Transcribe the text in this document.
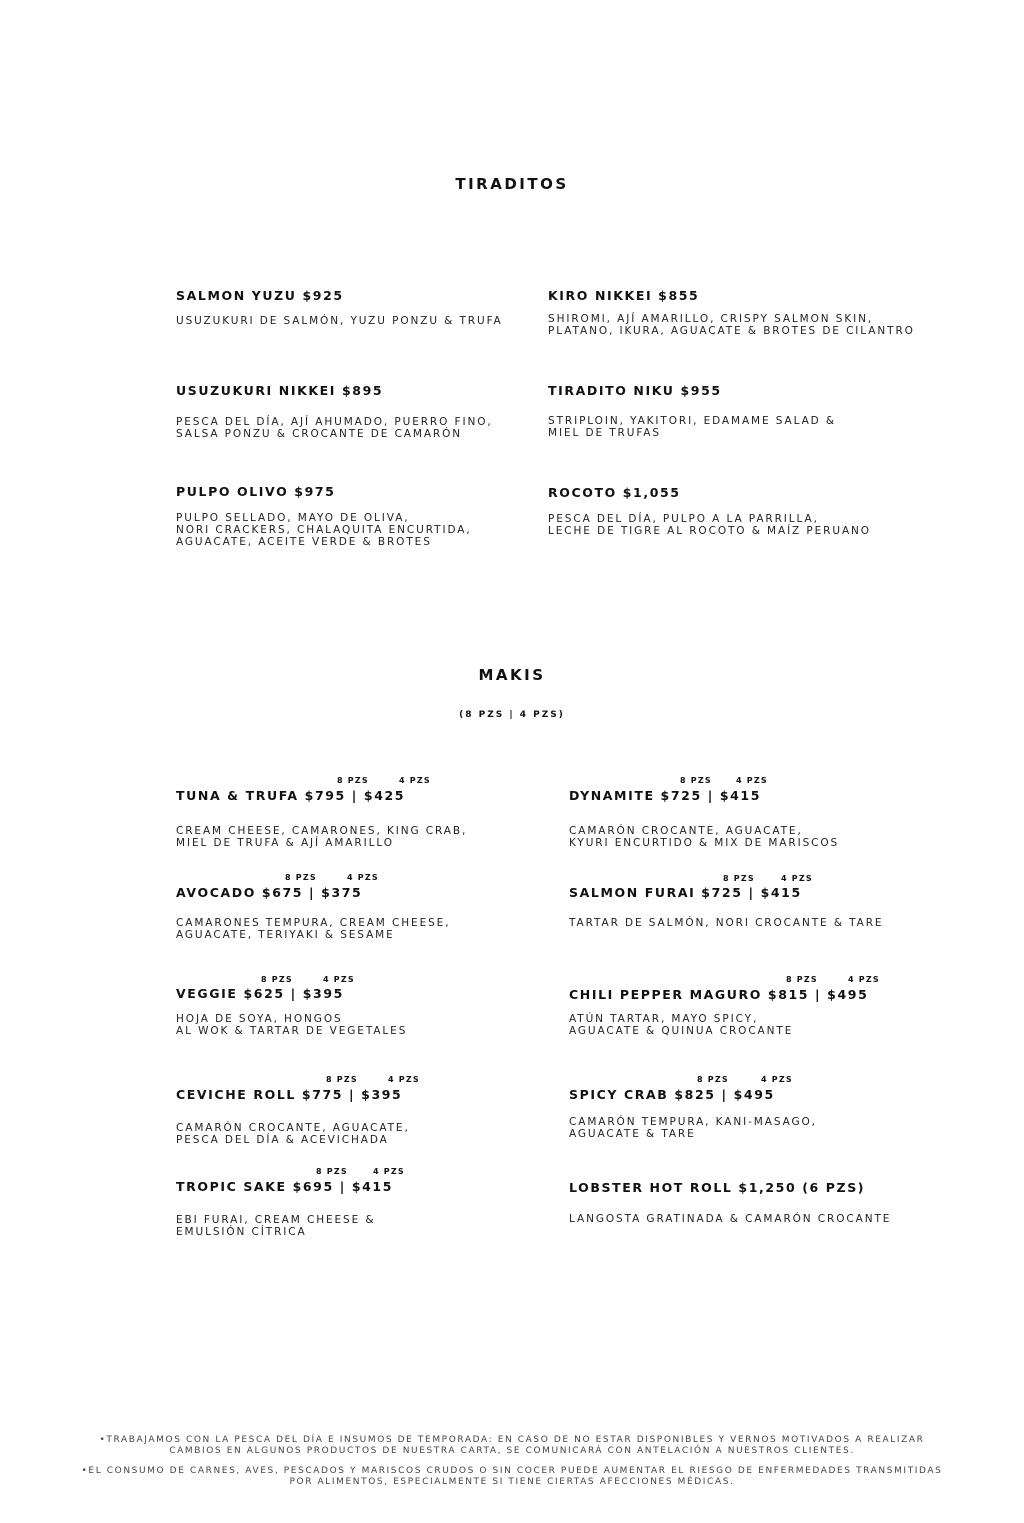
TIRADITOS
SALMON YUZU $925
USUZUKURI DE SALMÓN, YUZU PONZU & TRUFA
KIRO NIKKEI $855
SHIROMI, AJÍ AMARILLO, CRISPY SALMON SKIN,
PLATANO, IKURA, AGUACATE & BROTES DE CILANTRO
USUZUKURI NIKKEI $895
PESCA DEL DÍA, AJÍ AHUMADO, PUERRO FINO,
SALSA PONZU & CROCANTE DE CAMARÓN
TIRADITO NIKU $955
STRIPLOIN, YAKITORI, EDAMAME SALAD &
MIEL DE TRUFAS
PULPO OLIVO $975
PULPO SELLADO, MAYO DE OLIVA,
NORI CRACKERS, CHALAQUITA ENCURTIDA,
AGUACATE, ACEITE VERDE & BROTES
ROCOTO $1,055
PESCA DEL DÍA, PULPO A LA PARRILLA,
LECHE DE TIGRE AL ROCOTO & MAÍZ PERUANO
MAKIS
(8 PZS | 4 PZS)
8 PZS	4 PZS
TUNA & TRUFA $795 | $425
CREAM CHEESE, CAMARONES, KING CRAB,
MIEL DE TRUFA & AJÍ AMARILLO
8 PZS	4 PZS
DYNAMITE $725 | $415
CAMARÓN CROCANTE, AGUACATE,
KYURI ENCURTIDO & MIX DE MARISCOS
8 PZS	4 PZS
AVOCADO $675 | $375
CAMARONES TEMPURA, CREAM CHEESE,
AGUACATE, TERIYAKI & SESAME
8 PZS	4 PZS
SALMON FURAI $725 | $415
TARTAR DE SALMÓN, NORI CROCANTE & TARE
8 PZS	4 PZS
VEGGIE $625 | $395
HOJA DE SOYA, HONGOS
AL WOK & TARTAR DE VEGETALES
8 PZS	4 PZS
CHILI PEPPER MAGURO $815 | $495
ATÚN TARTAR, MAYO SPICY,
AGUACATE & QUINUA CROCANTE
8 PZS	4 PZS
CEVICHE ROLL $775 | $395
CAMARÓN CROCANTE, AGUACATE,
PESCA DEL DÍA & ACEVICHADA
8 PZS	4 PZS
SPICY CRAB $825 | $495
CAMARÓN TEMPURA, KANI-MASAGO,
AGUACATE & TARE
8 PZS	4 PZS
TROPIC SAKE $695 | $415
EBI FURAI, CREAM CHEESE &
EMULSIÓN CÍTRICA
LOBSTER HOT ROLL $1,250 (6 PZS)
LANGOSTA GRATINADA & CAMARÓN CROCANTE
•TRABAJAMOS CON LA PESCA DEL DÍA E INSUMOS DE TEMPORADA: EN CASO DE NO ESTAR DISPONIBLES Y VERNOS MOTIVADOS A REALIZAR
CAMBIOS EN ALGUNOS PRODUCTOS DE NUESTRA CARTA, SE COMUNICARÁ CON ANTELACIÓN A NUESTROS CLIENTES.
•EL CONSUMO DE CARNES, AVES, PESCADOS Y MARISCOS CRUDOS O SIN COCER PUEDE AUMENTAR EL RIESGO DE ENFERMEDADES TRANSMITIDAS
POR ALIMENTOS, ESPECIALMENTE SI TIENE CIERTAS AFECCIONES MÉDICAS.
